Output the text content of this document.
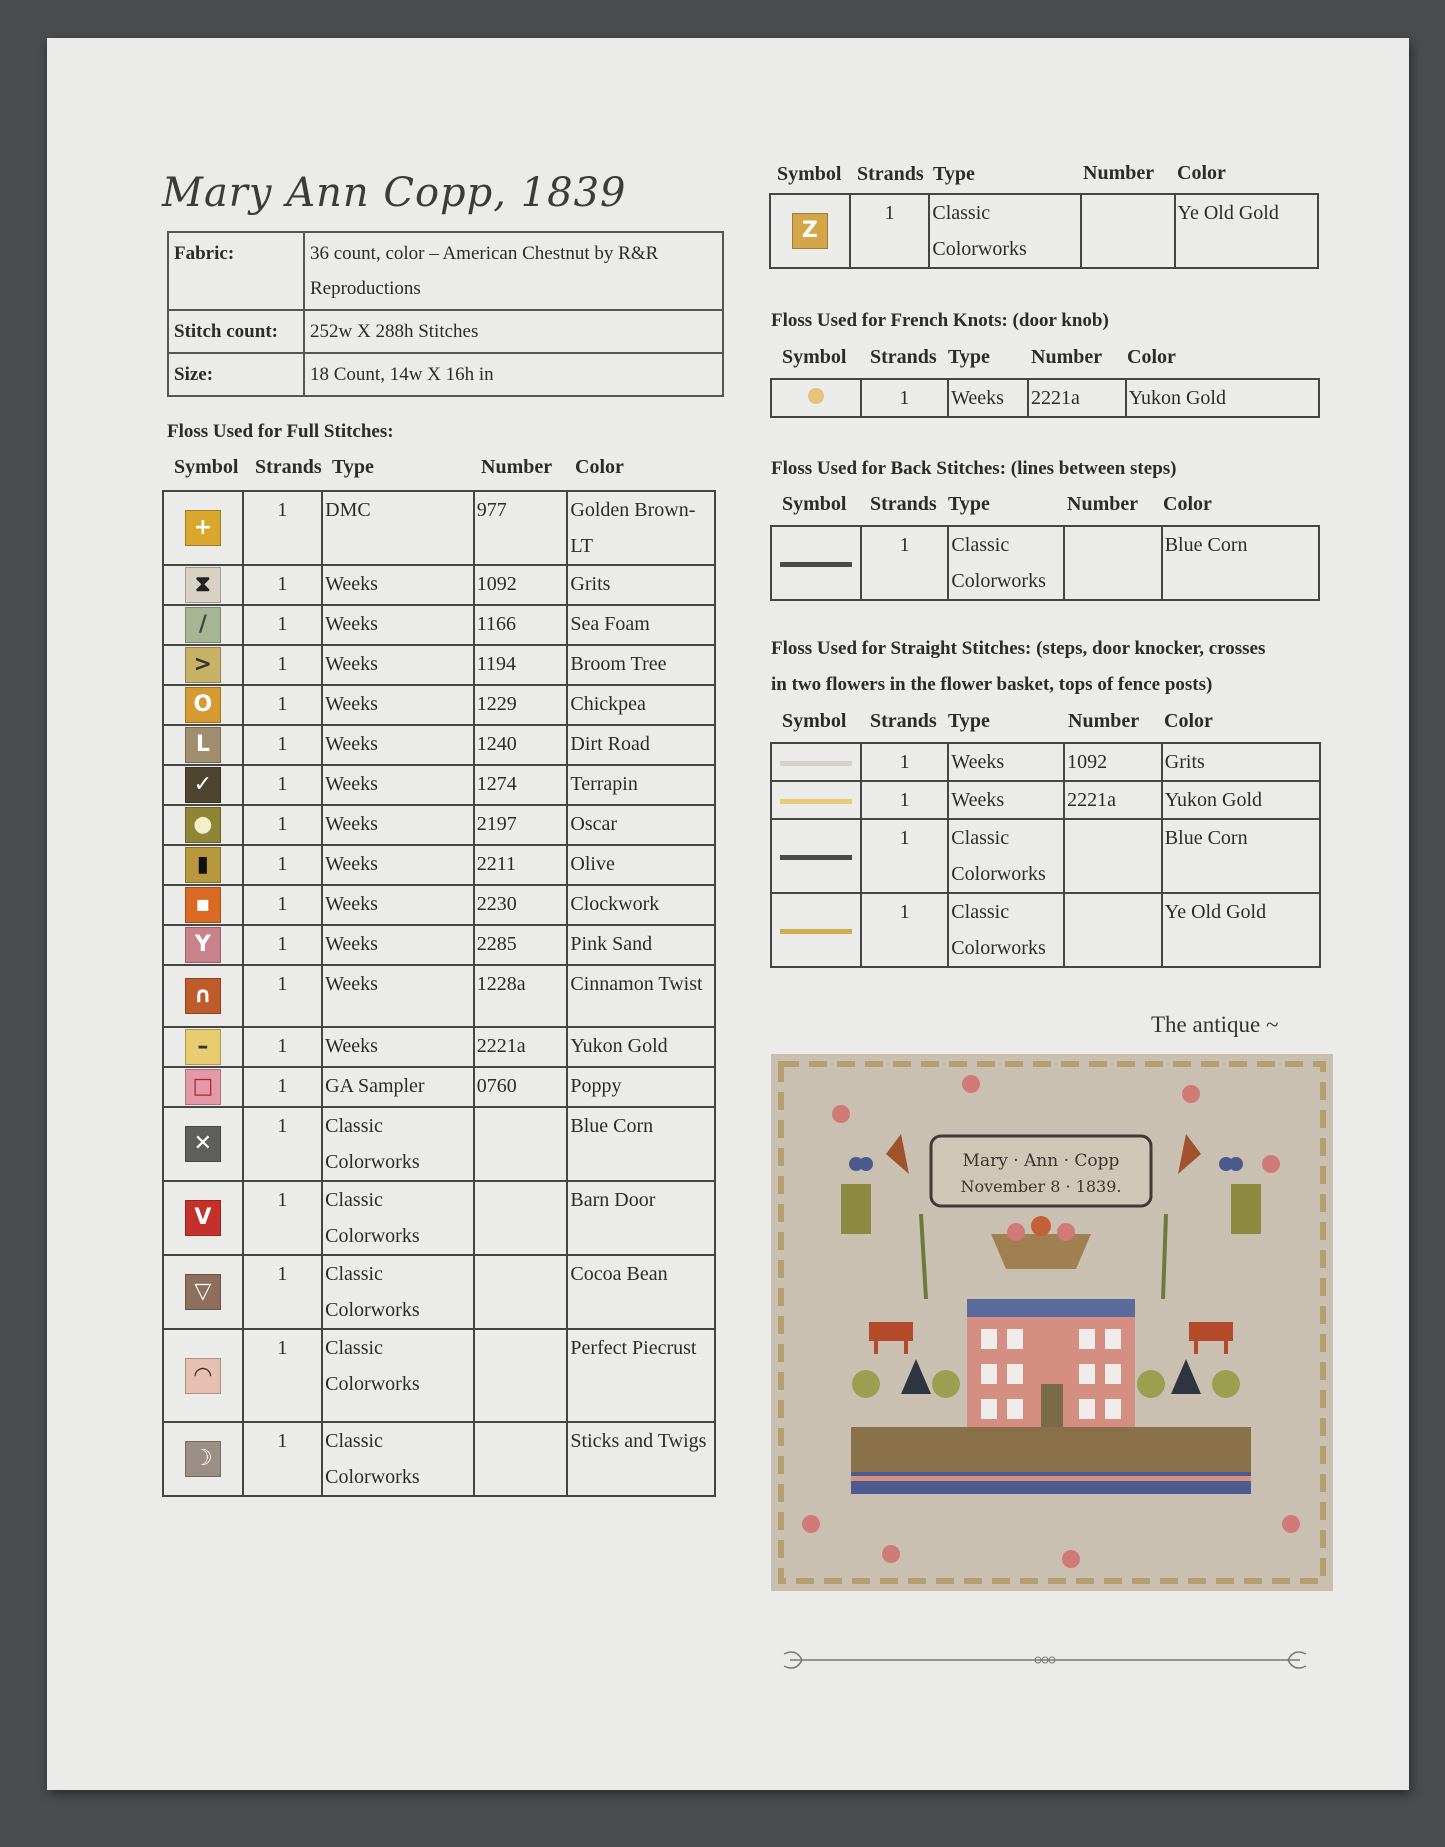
Mary Ann Copp, 1839
Fabric:	36 count, color – American Chestnut by R&R Reproductions
Stitch count:	252w X 288h Stitches
Size:	18 Count, 14w X 16h in
Floss Used for Full Stitches:
Symbol Strands Type	Number Color
+	1	DMC	977	Golden Brown-LT
⧗	1	Weeks	1092	Grits
/	1	Weeks	1166	Sea Foam
>	1	Weeks	1194	Broom Tree
O	1	Weeks	1229	Chickpea
L	1	Weeks	1240	Dirt Road
✓	1	Weeks	1274	Terrapin
●	1	Weeks	2197	Oscar
▮	1	Weeks	2211	Olive
▪	1	Weeks	2230	Clockwork
Y	1	Weeks	2285	Pink Sand
∩	1	Weeks	1228a	Cinnamon Twist
–	1	Weeks	2221a	Yukon Gold
□	1	GA Sampler	0760	Poppy
✕	1	Classic Colorworks		Blue Corn
V	1	Classic Colorworks		Barn Door
▽	1	Classic Colorworks		Cocoa Bean
◠	1	Classic Colorworks		Perfect Piecrust
☽	1	Classic Colorworks		Sticks and Twigs
Symbol Strands Type	Number Color
Z	1	Classic Colorworks		Ye Old Gold
Floss Used for French Knots: (door knob)
Symbol Strands Type Number Color
	1	Weeks	2221a	Yukon Gold
Floss Used for Back Stitches: (lines between steps)
Symbol Strands Type	Number Color
	1	Classic Colorworks		Blue Corn
Floss Used for Straight Stitches: (steps, door knocker, crosses
in two flowers in the flower basket, tops of fence posts)
Symbol Strands Type	Number Color
	1	Weeks	1092	Grits
	1	Weeks	2221a	Yukon Gold
	1	Classic Colorworks		Blue Corn
	1	Classic Colorworks		Ye Old Gold
The antique ~
Mary · Ann · Copp
November 8 · 1839.
